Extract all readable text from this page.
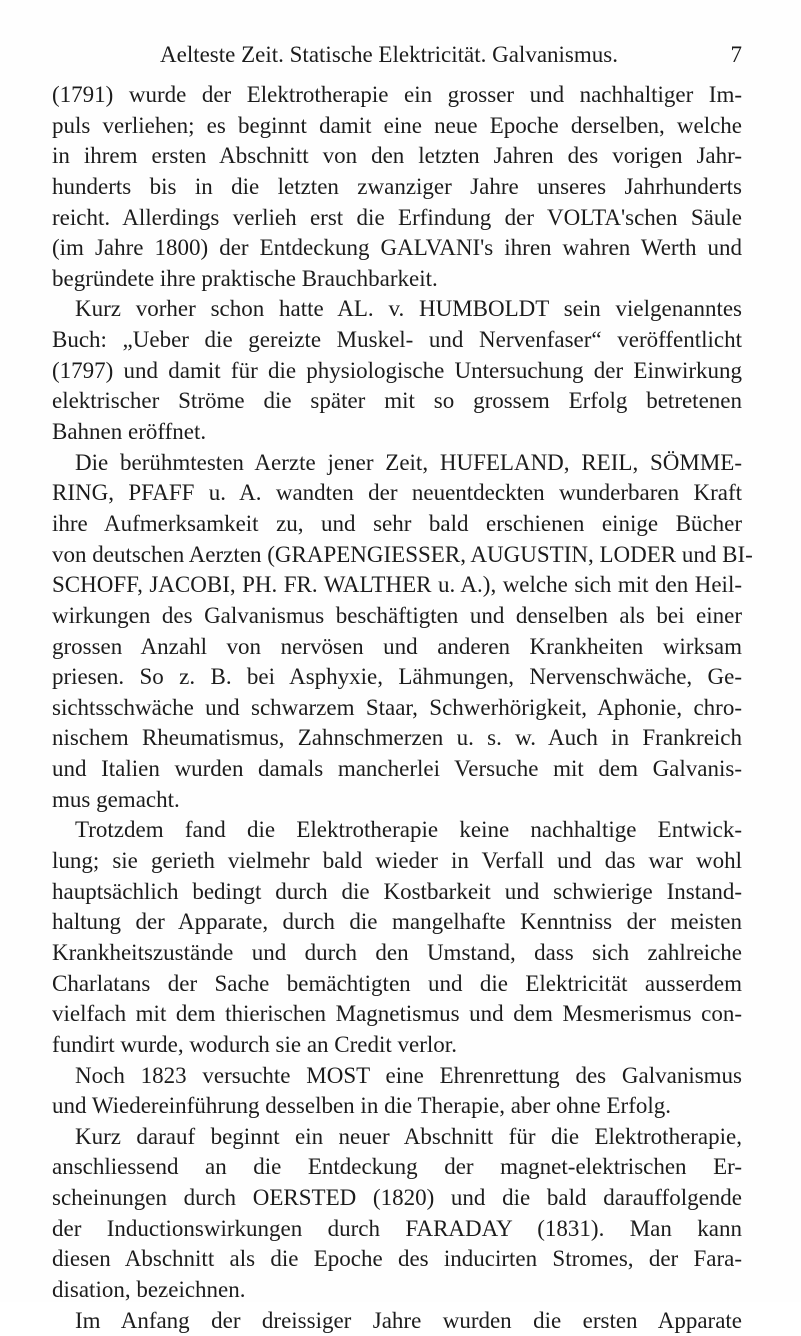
Aelteste Zeit. Statische Elektricität. Galvanismus.	7
(1791) wurde der Elektrotherapie ein grosser und nachhaltiger Im-
puls verliehen; es beginnt damit eine neue Epoche derselben, welche
in ihrem ersten Abschnitt von den letzten Jahren des vorigen Jahr-
hunderts bis in die letzten zwanziger Jahre unseres Jahrhunderts
reicht. Allerdings verlieh erst die Erfindung der VOLTA'schen Säule
(im Jahre 1800) der Entdeckung GALVANI's ihren wahren Werth und
begründete ihre praktische Brauchbarkeit.
Kurz vorher schon hatte AL. v. HUMBOLDT sein vielgenanntes
Buch: „Ueber die gereizte Muskel- und Nervenfaser“ veröffentlicht
(1797) und damit für die physiologische Untersuchung der Einwirkung
elektrischer Ströme die später mit so grossem Erfolg betretenen
Bahnen eröffnet.
Die berühmtesten Aerzte jener Zeit, HUFELAND, REIL, SÖMME-
RING, PFAFF u. A. wandten der neuentdeckten wunderbaren Kraft
ihre Aufmerksamkeit zu, und sehr bald erschienen einige Bücher
von deutschen Aerzten (GRAPENGIESSER, AUGUSTIN, LODER und BI-
SCHOFF, JACOBI, PH. FR. WALTHER u. A.), welche sich mit den Heil-
wirkungen des Galvanismus beschäftigten und denselben als bei einer
grossen Anzahl von nervösen und anderen Krankheiten wirksam
priesen. So z. B. bei Asphyxie, Lähmungen, Nervenschwäche, Ge-
sichtsschwäche und schwarzem Staar, Schwerhörigkeit, Aphonie, chro-
nischem Rheumatismus, Zahnschmerzen u. s. w. Auch in Frankreich
und Italien wurden damals mancherlei Versuche mit dem Galvanis-
mus gemacht.
Trotzdem fand die Elektrotherapie keine nachhaltige Entwick-
lung; sie gerieth vielmehr bald wieder in Verfall und das war wohl
hauptsächlich bedingt durch die Kostbarkeit und schwierige Instand-
haltung der Apparate, durch die mangelhafte Kenntniss der meisten
Krankheitszustände und durch den Umstand, dass sich zahlreiche
Charlatans der Sache bemächtigten und die Elektricität ausserdem
vielfach mit dem thierischen Magnetismus und dem Mesmerismus con-
fundirt wurde, wodurch sie an Credit verlor.
Noch 1823 versuchte MOST eine Ehrenrettung des Galvanismus
und Wiedereinführung desselben in die Therapie, aber ohne Erfolg.
Kurz darauf beginnt ein neuer Abschnitt für die Elektrotherapie,
anschliessend an die Entdeckung der magnet-elektrischen Er-
scheinungen durch OERSTED (1820) und die bald darauffolgende
der Inductionswirkungen durch FARADAY (1831). Man kann
diesen Abschnitt als die Epoche des inducirten Stromes, der Fara-
disation, bezeichnen.
Im Anfang der dreissiger Jahre wurden die ersten Apparate
